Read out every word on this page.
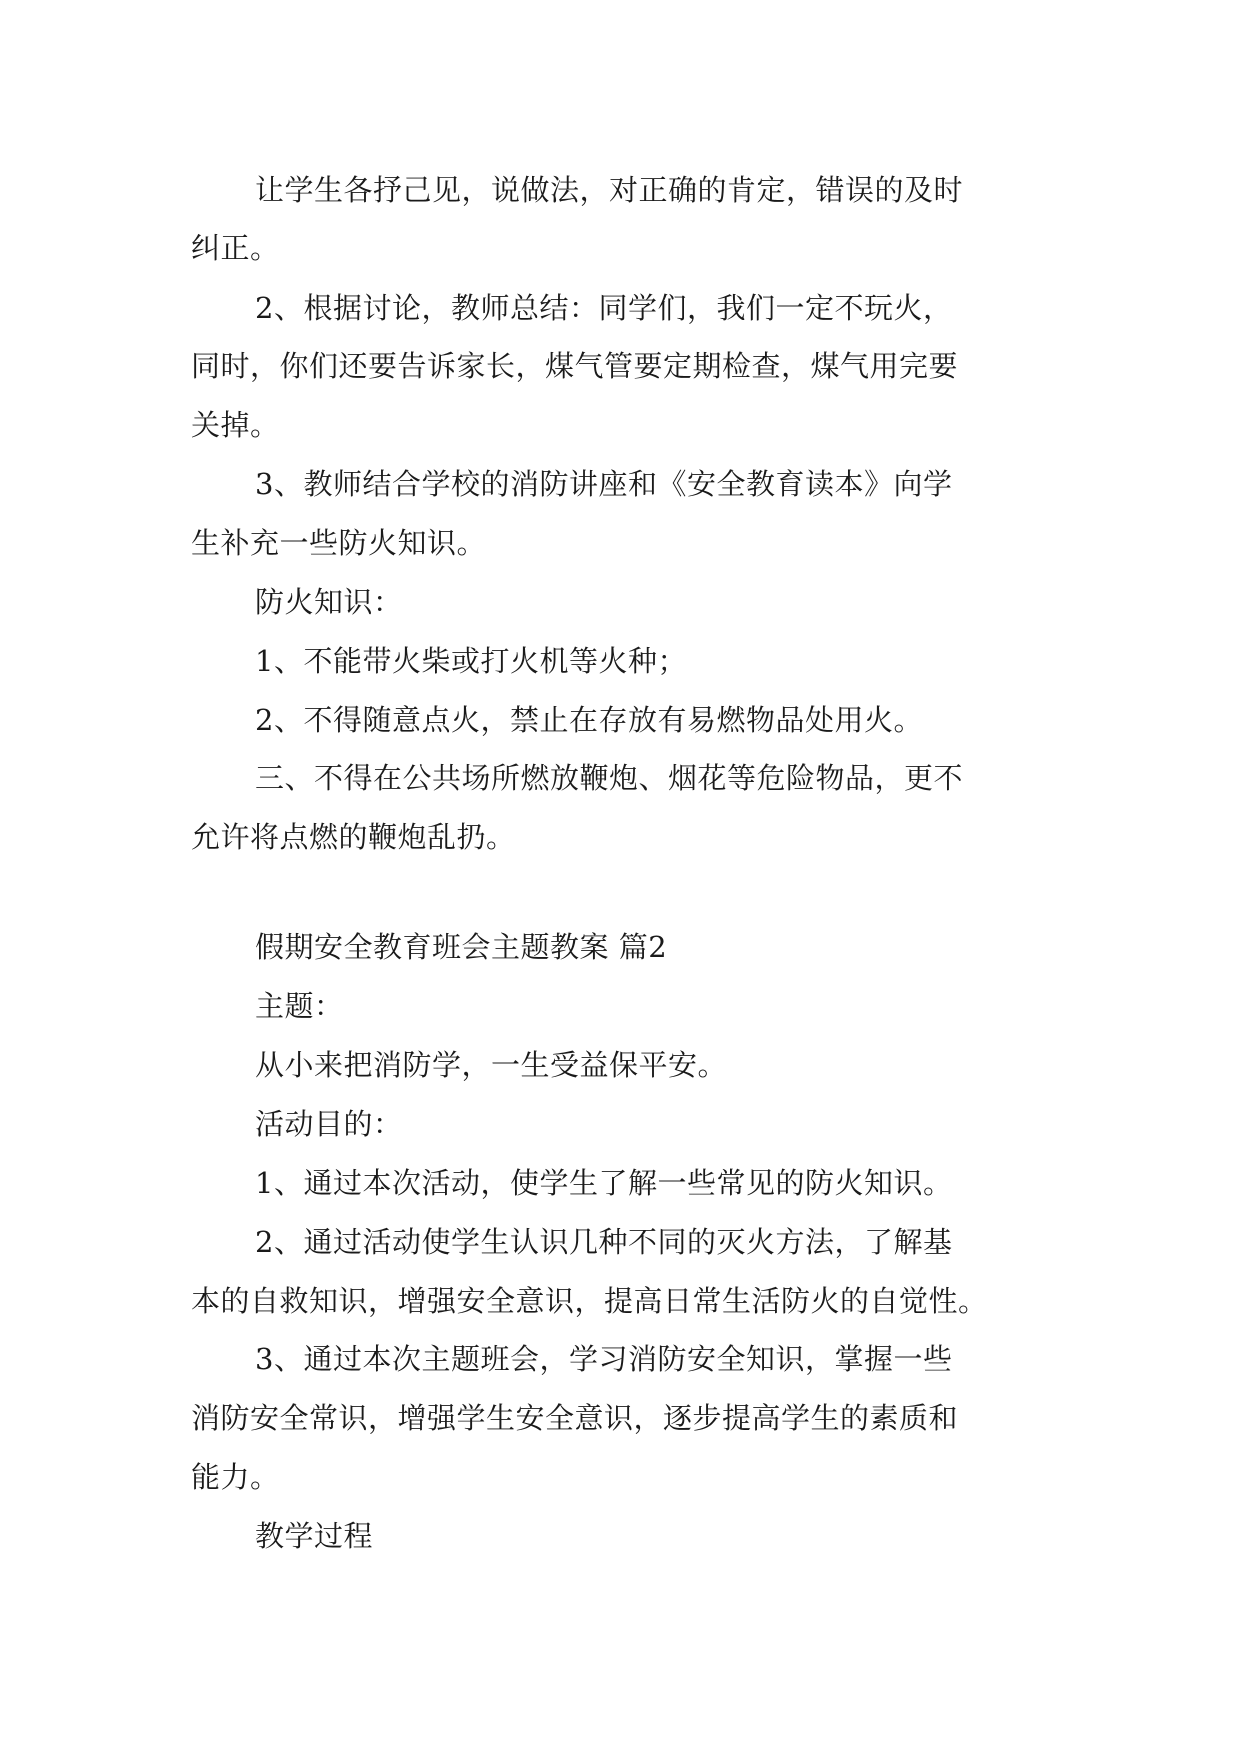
让学生各抒己见，说做法，对正确的肯定，错误的及时

纠正。

2、根据讨论，教师总结：同学们，我们一定不玩火，

同时，你们还要告诉家长，煤气管要定期检查，煤气用完要

关掉。

3、教师结合学校的消防讲座和《安全教育读本》向学

生补充一些防火知识。

防火知识：

1、不能带火柴或打火机等火种；

2、不得随意点火，禁止在存放有易燃物品处用火。

三、不得在公共场所燃放鞭炮、烟花等危险物品，更不

允许将点燃的鞭炮乱扔。

假期安全教育班会主题教案 篇2

主题：

从小来把消防学，一生受益保平安。

活动目的：

1、通过本次活动，使学生了解一些常见的防火知识。

2、通过活动使学生认识几种不同的灭火方法，了解基

本的自救知识，增强安全意识，提高日常生活防火的自觉性。

3、通过本次主题班会，学习消防安全知识，掌握一些

消防安全常识，增强学生安全意识，逐步提高学生的素质和

能力。

教学过程
